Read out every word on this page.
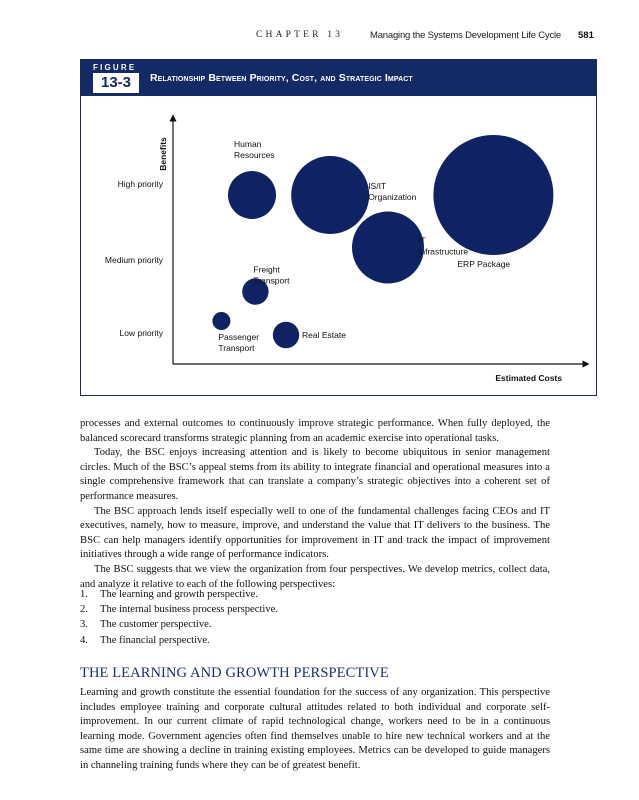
CHAPTER 13	Managing the Systems Development Life Cycle 581
FIGURE
13-3	Relationship Between Priority, Cost, and Strategic Impact
Benefits
Estimated Costs
Low priority
Medium priority
High priority
Human Resources
IS/IT Organization
ERP Package
IT Infrastructure
Freight Transport
Passenger Transport
Real Estate

processes and external outcomes to continuously improve strategic performance. When fully deployed, the balanced scorecard transforms strategic planning from an academic exercise into operational tasks.

Today, the BSC enjoys increasing attention and is likely to become ubiquitous in senior management circles. Much of the BSC’s appeal stems from its ability to integrate financial and operational measures into a single comprehensive framework that can translate a company’s strategic objectives into a coherent set of performance measures.

The BSC approach lends itself especially well to one of the fundamental challenges facing CEOs and IT executives, namely, how to measure, improve, and understand the value that IT delivers to the business. The BSC can help managers identify opportunities for improvement in IT and track the impact of improvement initiatives through a wide range of performance indicators.

The BSC suggests that we view the organization from four perspectives. We develop metrics, collect data, and analyze it relative to each of the following perspectives:

1. The learning and growth perspective.
2. The internal business process perspective.
3. The customer perspective.
4. The financial perspective.
THE LEARNING AND GROWTH PERSPECTIVE

Learning and growth constitute the essential foundation for the success of any organization. This perspective includes employee training and corporate cultural attitudes related to both individual and corporate self-improvement. In our current climate of rapid technological change, workers need to be in a continuous learning mode. Government agencies often find themselves unable to hire new technical workers and at the same time are showing a decline in training existing employees. Metrics can be developed to guide managers in channeling training funds where they can be of greatest benefit.
